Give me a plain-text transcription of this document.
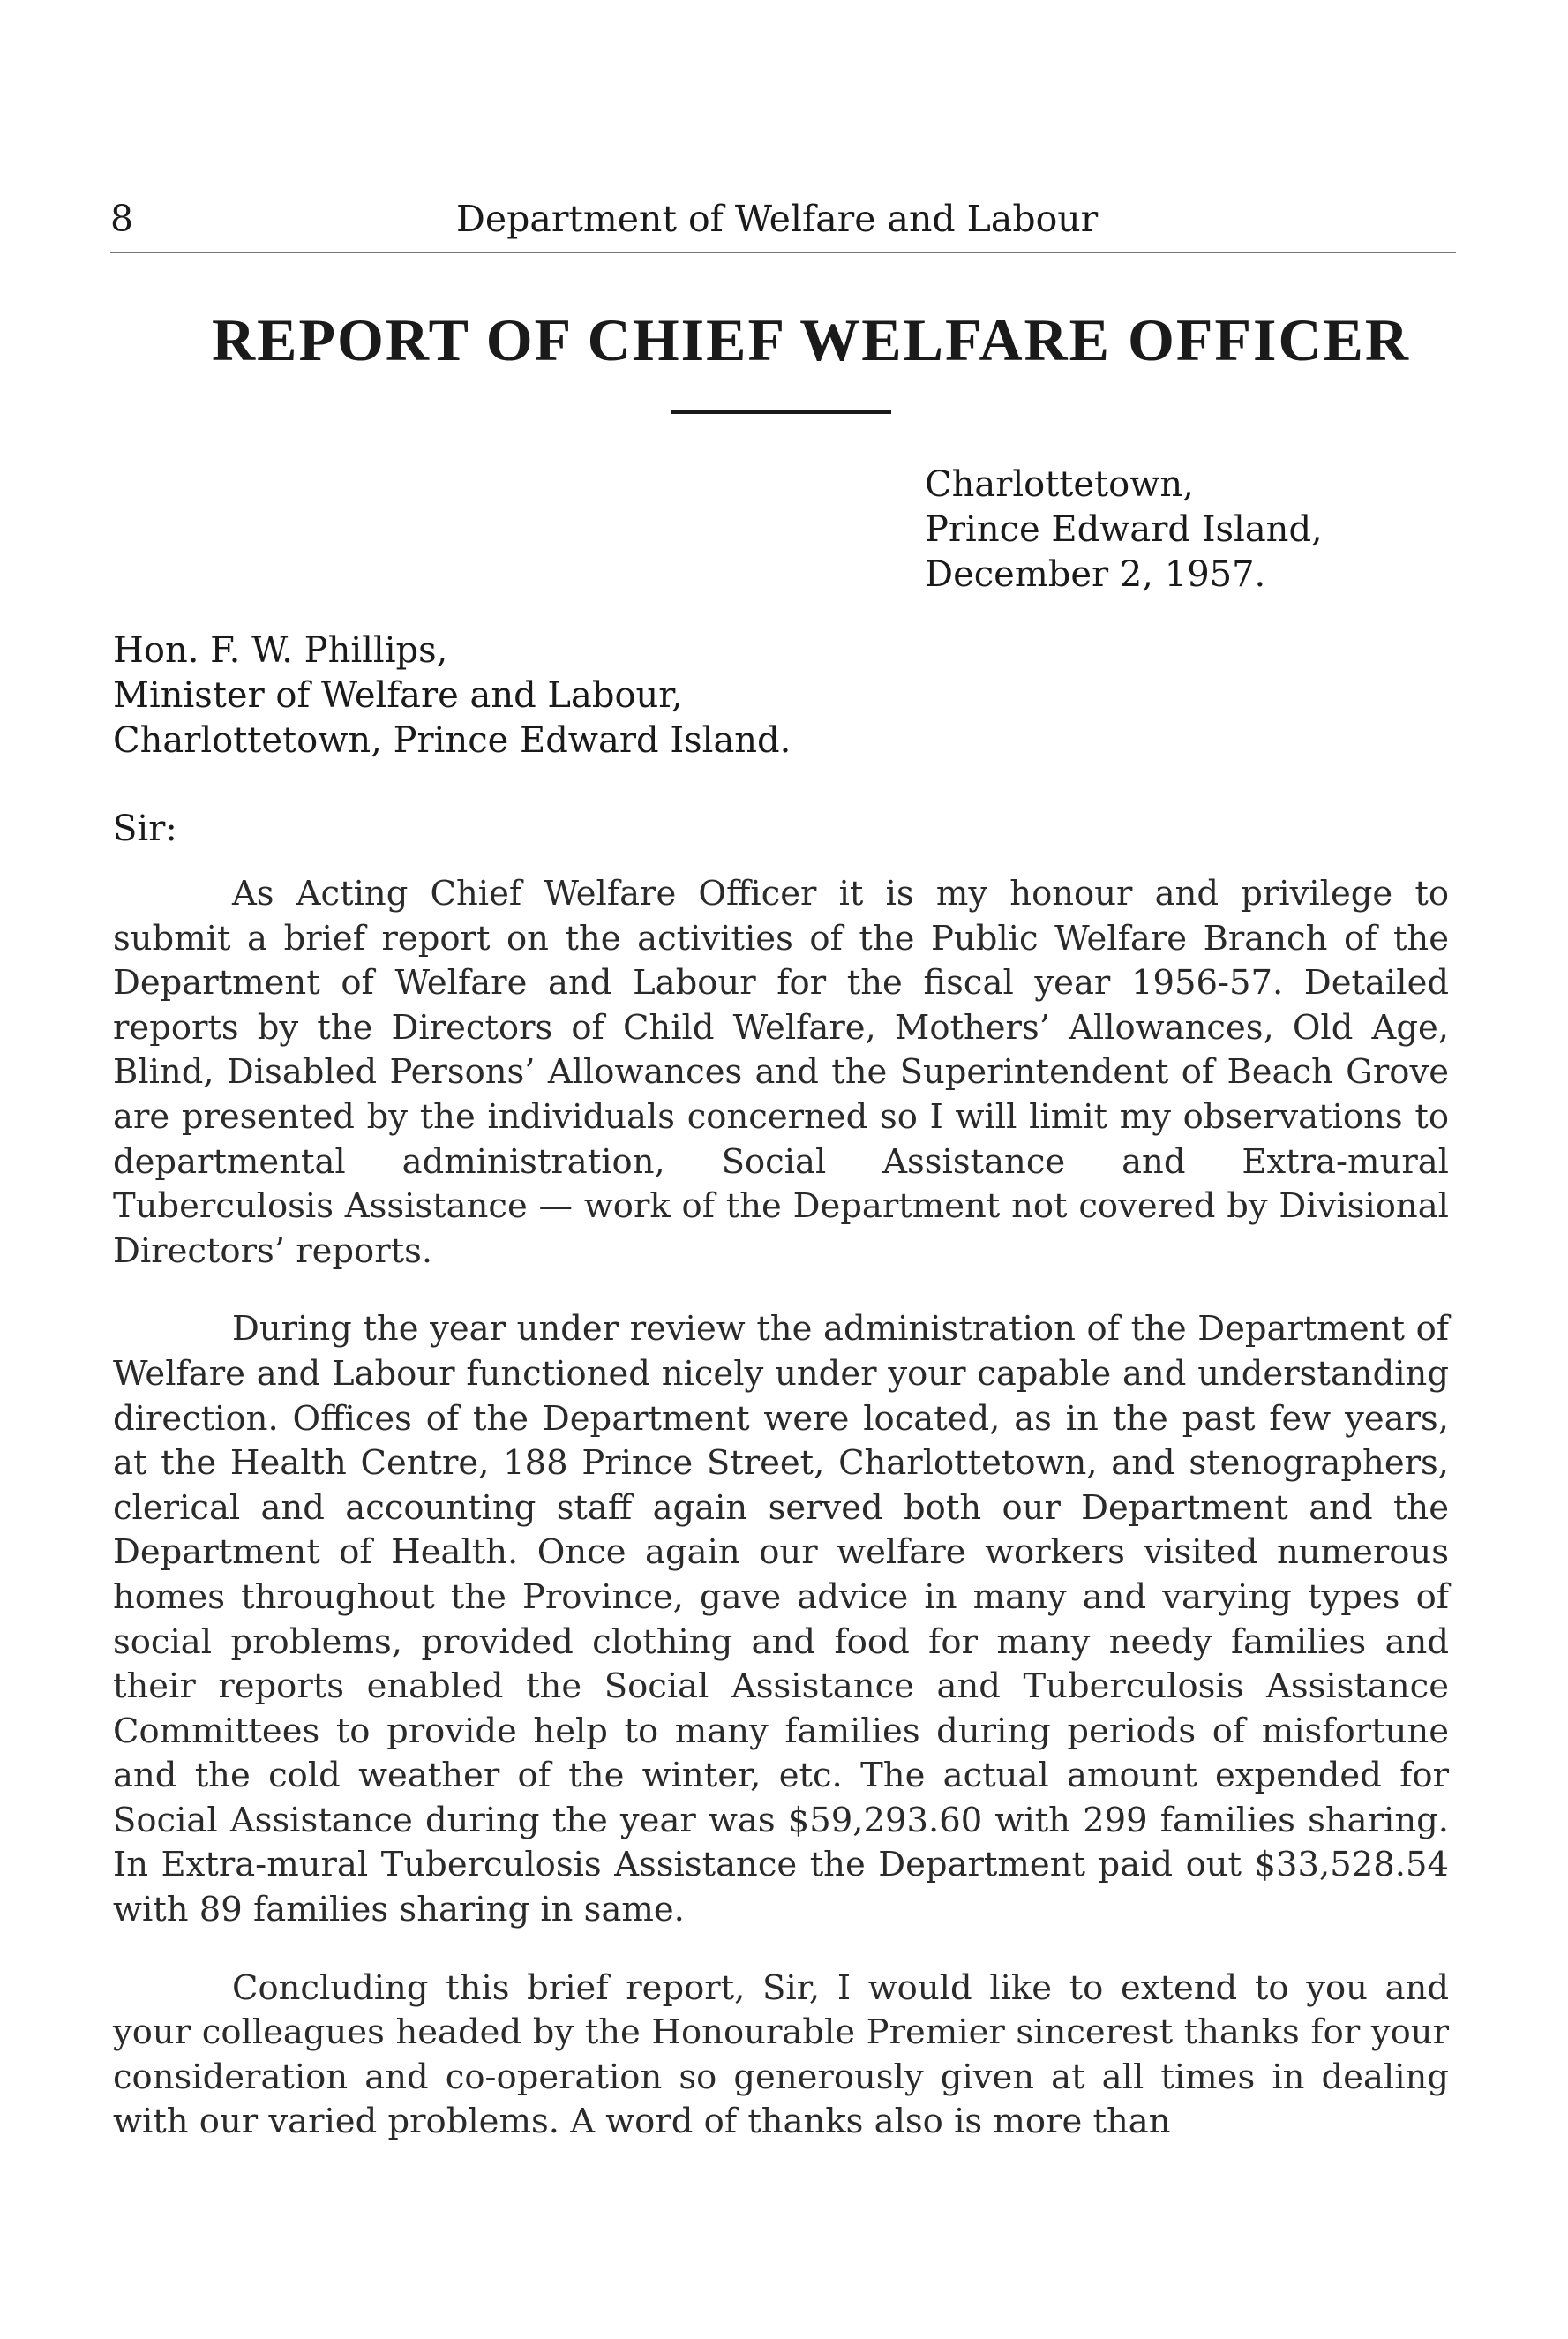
8	Department of Welfare and Labour
REPORT OF CHIEF WELFARE OFFICER
Charlottetown,
Prince Edward Island,
December 2, 1957.
Hon. F. W. Phillips,
Minister of Welfare and Labour,
Charlottetown, Prince Edward Island.
Sir:

As Acting Chief Welfare Officer it is my honour and privilege to submit a brief report on the activities of the Public Welfare Branch of the Department of Welfare and Labour for the fiscal year 1956-57. Detailed reports by the Directors of Child Welfare, Mothers’ Allowances, Old Age, Blind, Disabled Persons’ Allowances and the Superintendent of Beach Grove are presented by the individuals concerned so I will limit my observations to departmental administration, Social Assistance and Extra-mural Tuberculosis Assistance — work of the Department not covered by Divisional Directors’ reports.

During the year under review the administration of the Department of Welfare and Labour functioned nicely under your capable and understanding direction. Offices of the Department were located, as in the past few years, at the Health Centre, 188 Prince Street, Charlottetown, and stenographers, clerical and accounting staff again served both our Department and the Department of Health. Once again our welfare workers visited numerous homes throughout the Province, gave advice in many and varying types of social problems, provided clothing and food for many needy families and their reports enabled the Social Assistance and Tuberculosis Assistance Committees to provide help to many families during periods of misfortune and the cold weather of the winter, etc. The actual amount expended for Social Assistance during the year was $59,293.60 with 299 families sharing. In Extra-mural Tuberculosis Assistance the Department paid out $33,528.54 with 89 families sharing in same.

Concluding this brief report, Sir, I would like to extend to you and your colleagues headed by the Honourable Premier sincerest thanks for your consideration and co-operation so generously given at all times in dealing with our varied problems. A word of thanks also is more than
